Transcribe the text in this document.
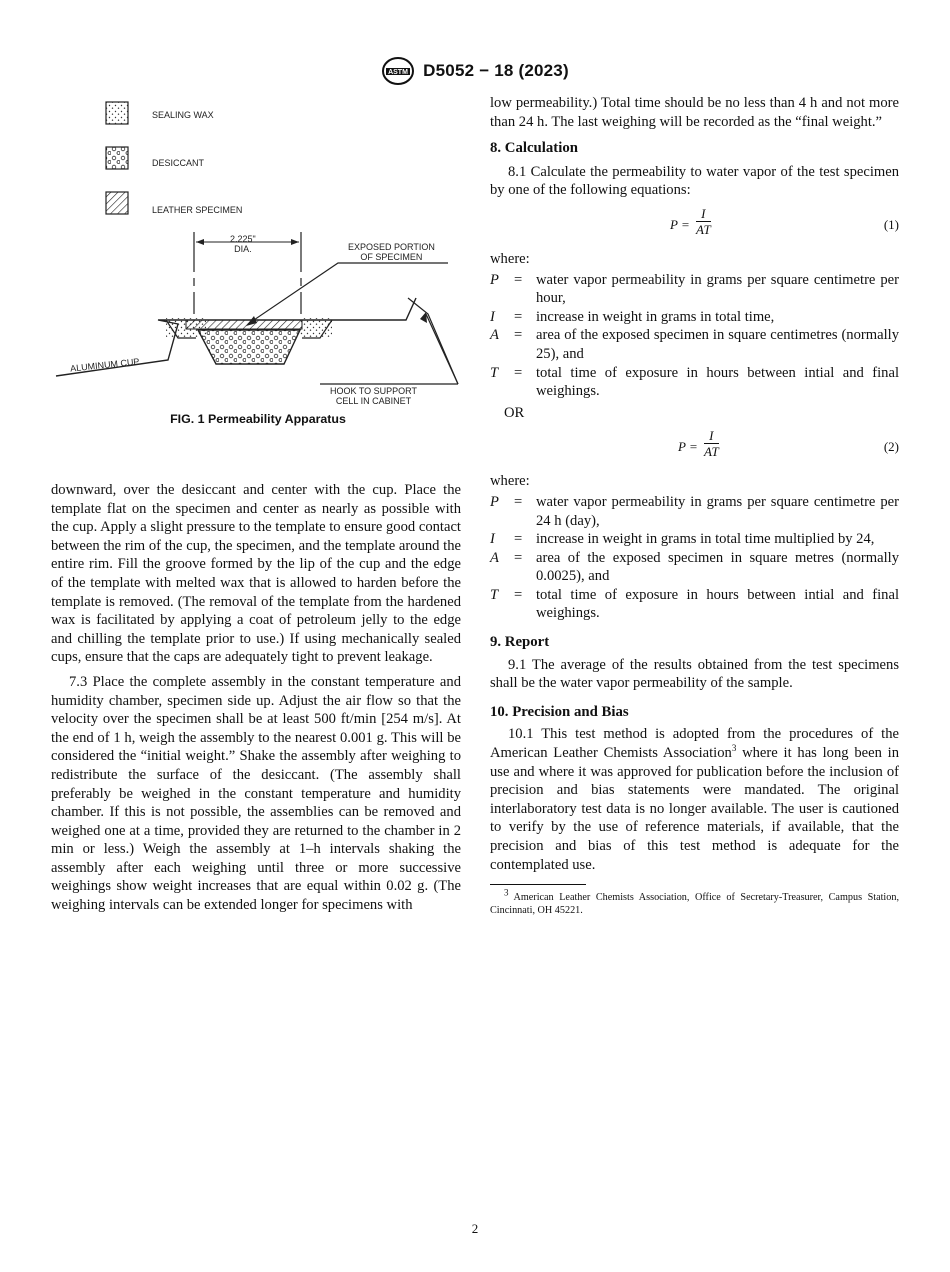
ASTM D5052 − 18 (2023)
SEALING WAX
DESICCANT
LEATHER SPECIMEN
2.225"
DIA.	EXPOSED PORTION
OF SPECIMEN
ALUMINUM CUP
HOOK TO SUPPORT
CELL IN CABINET
FIG. 1 Permeability Apparatus

downward, over the desiccant and center with the cup. Place the template flat on the specimen and center as nearly as possible with the cup. Apply a slight pressure to the template to ensure good contact between the rim of the cup, the specimen, and the template around the entire rim. Fill the groove formed by the lip of the cup and the edge of the template with melted wax that is allowed to harden before the template is removed. (The removal of the template from the hardened wax is facilitated by applying a coat of petroleum jelly to the edge and chilling the template prior to use.) If using mechanically sealed cups, ensure that the caps are adequately tight to prevent leakage.

7.3 Place the complete assembly in the constant temperature and humidity chamber, specimen side up. Adjust the air flow so that the velocity over the specimen shall be at least 500 ft/min [254 m/s]. At the end of 1 h, weigh the assembly to the nearest 0.001 g. This will be considered the “initial weight.” Shake the assembly after weighing to redistribute the surface of the desiccant. (The assembly shall preferably be weighed in the constant temperature and humidity chamber. If this is not possible, the assemblies can be removed and weighed one at a time, provided they are returned to the chamber in 2 min or less.) Weigh the assembly at 1–h intervals shaking the assembly after each weighing until three or more successive weighings show weight increases that are equal within 0.02 g. (The weighing intervals can be extended longer for specimens with

low permeability.) Total time should be no less than 4 h and not more than 24 h. The last weighing will be recorded as the “final weight.”

8. Calculation

8.1 Calculate the permeability to water vapor of the test specimen by one of the following equations:

$P = \frac{I}{AT}$	(1)

where:

P	= water vapor permeability in grams per square centimetre per hour,
I	= increase in weight in grams in total time,
A	= area of the exposed specimen in square centimetres (normally 25), and
T	= total time of exposure in hours between intial and final weighings.

OR

$P = \frac{I}{AT}$	(2)

where:

P	= water vapor permeability in grams per square centimetre per 24 h (day),
I	= increase in weight in grams in total time multiplied by 24,
A	= area of the exposed specimen in square metres (normally 0.0025), and
T	= total time of exposure in hours between intial and final weighings.

9. Report

9.1 The average of the results obtained from the test specimens shall be the water vapor permeability of the sample.

10. Precision and Bias

10.1 This test method is adopted from the procedures of the American Leather Chemists Association$^3$ where it has long been in use and where it was approved for publication before the inclusion of precision and bias statements were mandated. The original interlaboratory test data is no longer available. The user is cautioned to verify by the use of reference materials, if available, that the precision and bias of this test method is adequate for the contemplated use.

$^3$ American Leather Chemists Association, Office of Secretary-Treasurer, Campus Station, Cincinnati, OH 45221.

2
